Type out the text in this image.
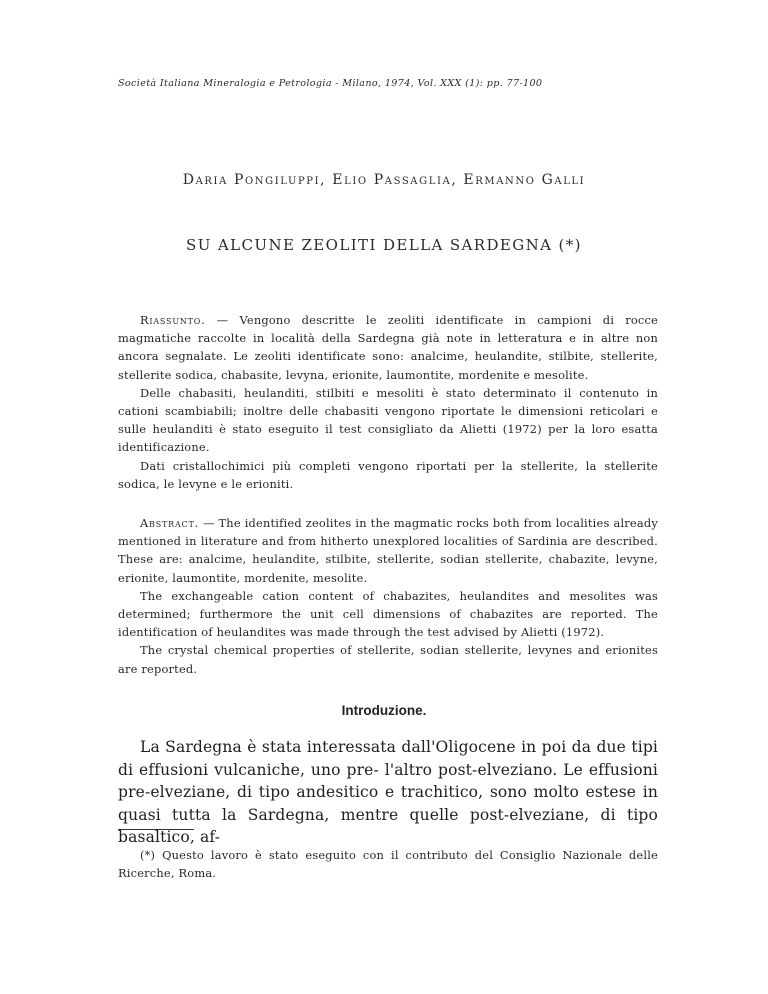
Società Italiana Mineralogia e Petrologia - Milano, 1974, Vol. XXX (1): pp. 77-100
Daria Pongiluppi, Elio Passaglia, Ermanno Galli
SU ALCUNE ZEOLITI DELLA SARDEGNA (*)

Riassunto. — Vengono descritte le zeoliti identificate in campioni di rocce magmatiche raccolte in località della Sardegna già note in letteratura e in altre non ancora segnalate. Le zeoliti identificate sono: analcime, heulandite, stilbite, stellerite, stellerite sodica, chabasite, levyna, erionite, laumontite, mordenite e mesolite.

Delle chabasiti, heulanditi, stilbiti e mesoliti è stato determinato il contenuto in cationi scambiabili; inoltre delle chabasiti vengono riportate le dimensioni reticolari e sulle heulanditi è stato eseguito il test consigliato da Alietti (1972) per la loro esatta identificazione.

Dati cristallochimici più completi vengono riportati per la stellerite, la stellerite sodica, le levyne e le erioniti.

Abstract. — The identified zeolites in the magmatic rocks both from localities already mentioned in literature and from hitherto unexplored localities of Sardinia are described. These are: analcime, heulandite, stilbite, stellerite, sodian stellerite, chabazite, levyne, erionite, laumontite, mordenite, mesolite.

The exchangeable cation content of chabazites, heulandites and mesolites was determined; furthermore the unit cell dimensions of chabazites are reported. The identification of heulandites was made through the test advised by Alietti (1972).

The crystal chemical properties of stellerite, sodian stellerite, levynes and erionites are reported.

Introduzione.

La Sardegna è stata interessata dall'Oligocene in poi da due tipi di effusioni vulcaniche, uno pre- l'altro post-elveziano. Le effusioni pre-elveziane, di tipo andesitico e trachitico, sono molto estese in quasi tutta la Sardegna, mentre quelle post-elveziane, di tipo basaltico, af-

(*) Questo lavoro è stato eseguito con il contributo del Consiglio Nazionale delle Ricerche, Roma.
